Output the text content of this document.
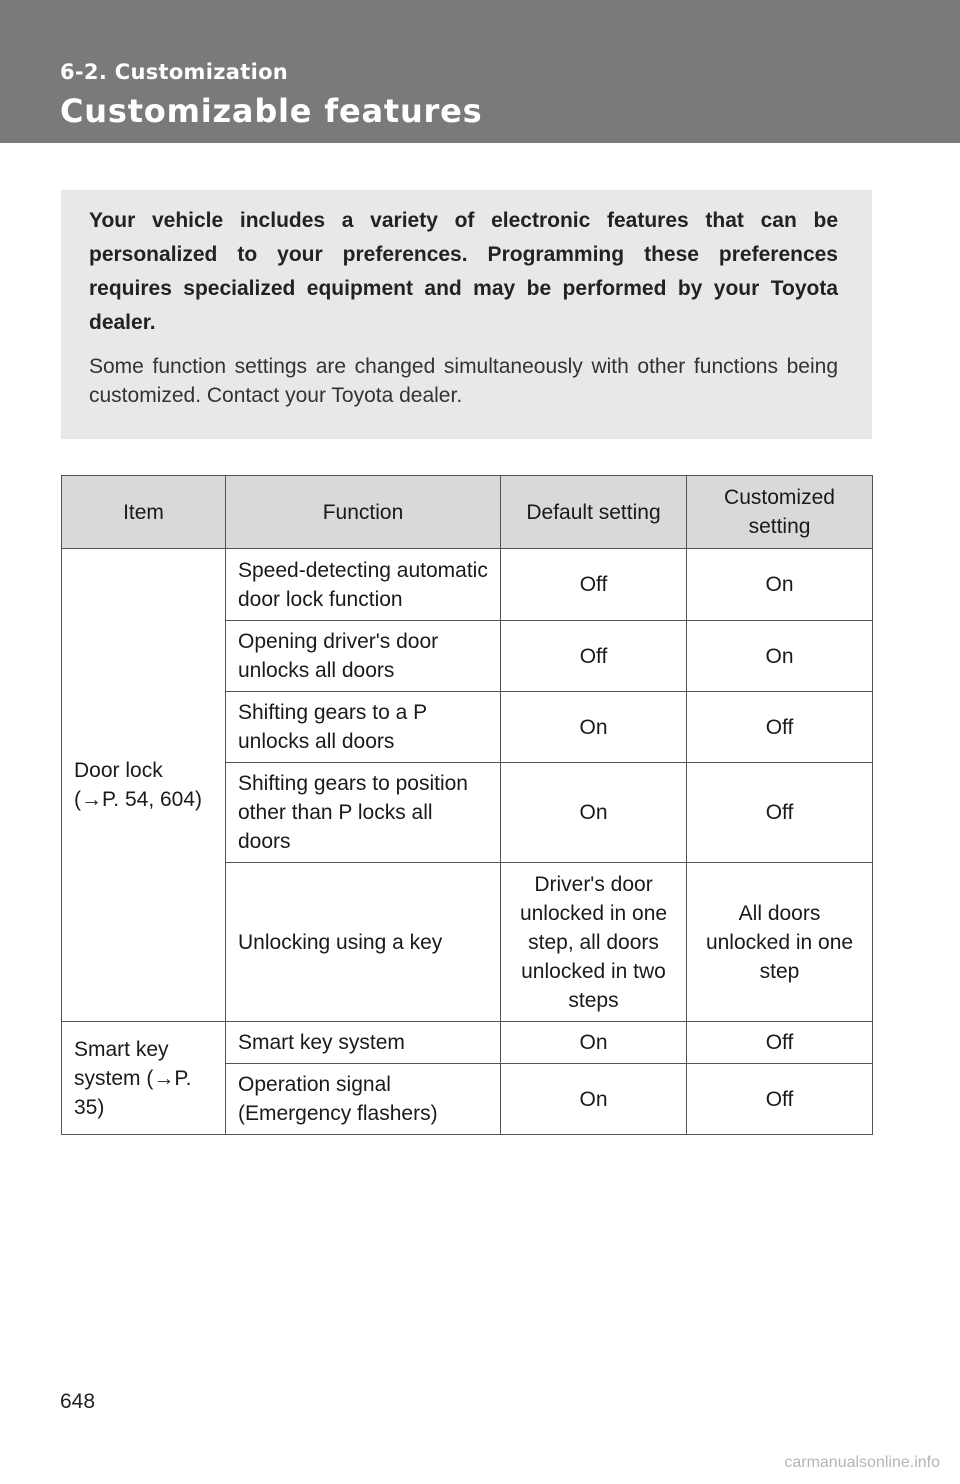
6-2. Customization
Customizable features

Your vehicle includes a variety of electronic features that can be personalized to your preferences. Programming these preferences requires specialized equipment and may be performed by your Toyota dealer.

Some function settings are changed simultaneously with other functions being customized. Contact your Toyota dealer.

Item	Function	Default setting	Customized setting
Door lock (→P. 54, 604)	Speed-detecting automatic door lock function	Off	On
	Opening driver's door unlocks all doors	Off	On
	Shifting gears to a P unlocks all doors	On	Off
	Shifting gears to position other than P locks all doors	On	Off
	Unlocking using a key	Driver's door unlocked in one step, all doors unlocked in two steps	All doors unlocked in one step
Smart key system (→P. 35)	Smart key system	On	Off
	Operation signal (Emergency flashers)	On	Off
648
carmanualsonline.info
